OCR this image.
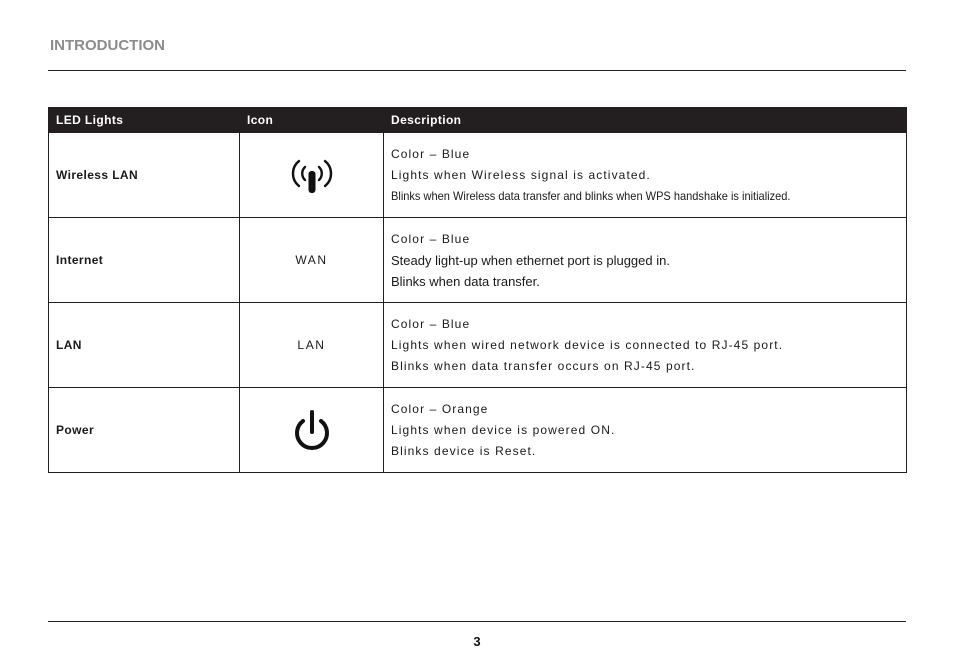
INTRODUCTION
LED Lights	Icon	Description
Wireless LAN		Color – Blue
Lights when Wireless signal is activated.
Blinks when Wireless data transfer and blinks when WPS handshake is initialized.

Internet	WAN	Color – Blue
Steady light-up when ethernet port is plugged in.
Blinks when data transfer.

LAN	LAN	Color – Blue
Lights when wired network device is connected to RJ-45 port.
Blinks when data transfer occurs on RJ-45 port.

Power		Color – Orange
Lights when device is powered ON.
Blinks device is Reset.
3
